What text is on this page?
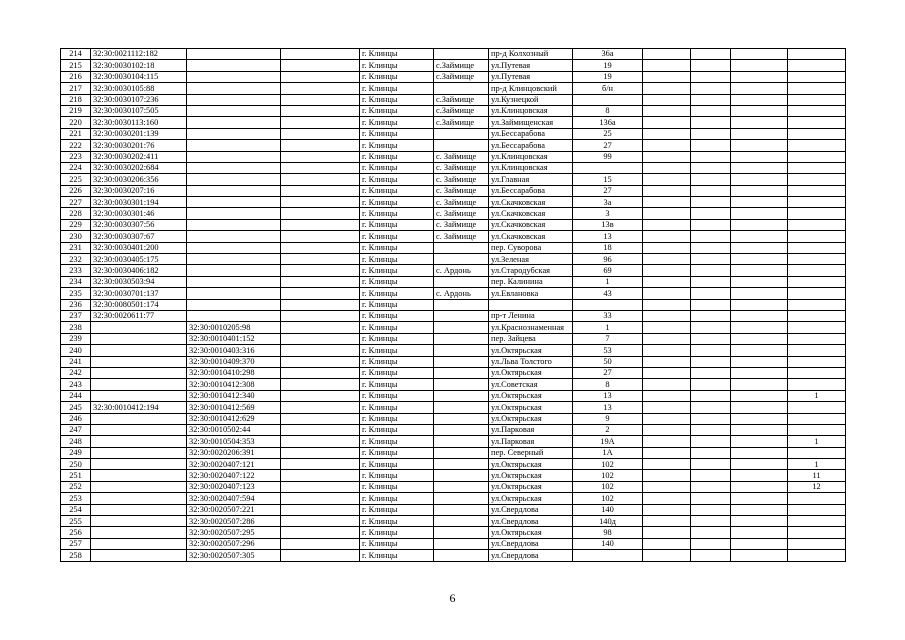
214	32:30:0021112:182			г. Клинцы		пр-д Колхозный	36а				
215	32:30:0030102:18			г. Клинцы	с.Займище	ул.Путевая	19				
216	32:30:0030104:115			г. Клинцы	с.Займище	ул.Путевая	19				
217	32:30:0030105:88			г. Клинцы		пр-д Клинцовский	б/н				
218	32:30:0030107:236			г. Клинцы	с.Займище	ул.Кузнецкой					
219	32:30:0030107:505			г. Клинцы	с.Займище	ул.Клинцовская	8				
220	32:30:0030113:160			г. Клинцы	с.Займище	ул.Займищенская	136а				
221	32:30:0030201:139			г. Клинцы		ул.Бессарабова	25				
222	32:30:0030201:76			г. Клинцы		ул.Бессарабова	27				
223	32:30:0030202:411			г. Клинцы	с. Займище	ул.Клинцовская	99				
224	32:30:0030202:684			г. Клинцы	с. Займище	ул.Клинцовская					
225	32:30:0030206:356			г. Клинцы	с. Займище	ул.Главная	15				
226	32:30:0030207:16			г. Клинцы	с. Займище	ул.Бессарабова	27				
227	32:30:0030301:194			г. Клинцы	с. Займище	ул.Скачковская	3а				
228	32:30:0030301:46			г. Клинцы	с. Займище	ул.Скачковская	3				
229	32:30:0030307:56			г. Клинцы	с. Займище	ул.Скачковская	13в				
230	32:30:0030307:67			г. Клинцы	с. Займище	ул.Скачковская	13				
231	32:30:0030401:200			г. Клинцы		пер. Суворова	18				
232	32:30:0030405:175			г. Клинцы		ул.Зеленая	96				
233	32:30:0030406:182			г. Клинцы	с. Ардонь	ул.Стародубская	69				
234	32:30:0030503:94			г. Клинцы		пер. Калинина	1				
235	32:30:0030701:137			г. Клинцы	с. Ардонь	ул.Евлановка	43				
236	32:30:0080501:174			г. Клинцы							
237	32:30:0020611:77			г. Клинцы		пр-т Ленина	33				
238		32:30:0010205:98		г. Клинцы		ул.Краснознаменная	1				
239		32:30:0010401:152		г. Клинцы		пер. Зайцева	7				
240		32:30:0010403:316		г. Клинцы		ул.Октярьская	53				
241		32:30:0010409:370		г. Клинцы		ул.Льва Толстого	50				
242		32:30:0010410:298		г. Клинцы		ул.Октярьская	27				
243		32:30:0010412:308		г. Клинцы		ул.Советская	8				
244		32:30:0010412:340		г. Клинцы		ул.Октярьская	13				1
245	32:30:0010412:194	32:30:0010412:569		г. Клинцы		ул.Октярьская	13				
246		32:30:0010412:629		г. Клинцы		ул.Октярьская	9				
247		32:30:0010502:44		г. Клинцы		ул.Парковая	2				
248		32:30:0010504:353		г. Клинцы		ул.Парковая	19А				1
249		32:30:0020206:391		г. Клинцы		пер. Северный	1А				
250		32:30:0020407:121		г. Клинцы		ул.Октярьская	102				1
251		32:30:0020407:122		г. Клинцы		ул.Октярьская	102				11
252		32:30:0020407:123		г. Клинцы		ул.Октярьская	102				12
253		32:30:0020407:594		г. Клинцы		ул.Октярьская	102				
254		32:30:0020507:221		г. Клинцы		ул.Свердлова	140				
255		32:30:0020507:286		г. Клинцы		ул.Свердлова	140д				
256		32:30:0020507:295		г. Клинцы		ул.Октярьская	98				
257		32:30:0020507:296		г. Клинцы		ул.Свердлова	140				
258		32:30:0020507:305		г. Клинцы		ул.Свердлова					
6
